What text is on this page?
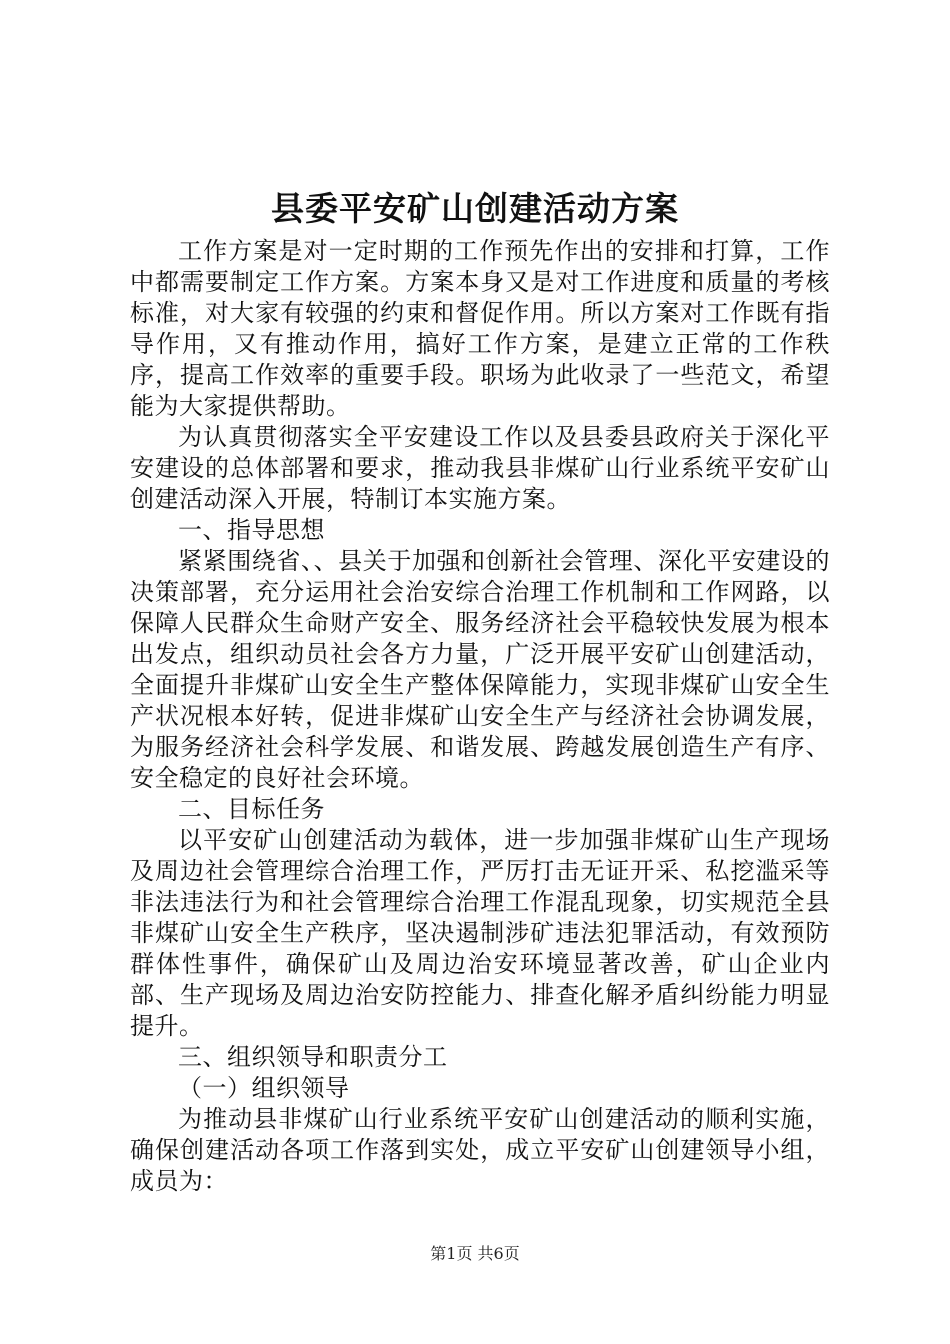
县委平安矿山创建活动方案

工作方案是对一定时期的工作预先作出的安排和打算，工作中都需要制定工作方案。方案本身又是对工作进度和质量的考核标准，对大家有较强的约束和督促作用。所以方案对工作既有指导作用，又有推动作用，搞好工作方案，是建立正常的工作秩序，提高工作效率的重要手段。职场为此收录了一些范文，希望能为大家提供帮助。

为认真贯彻落实全平安建设工作以及县委县政府关于深化平安建设的总体部署和要求，推动我县非煤矿山行业系统平安矿山创建活动深入开展，特制订本实施方案。

一、指导思想

紧紧围绕省、、县关于加强和创新社会管理、深化平安建设的决策部署，充分运用社会治安综合治理工作机制和工作网路，以保障人民群众生命财产安全、服务经济社会平稳较快发展为根本出发点，组织动员社会各方力量，广泛开展平安矿山创建活动，全面提升非煤矿山安全生产整体保障能力，实现非煤矿山安全生产状况根本好转，促进非煤矿山安全生产与经济社会协调发展，为服务经济社会科学发展、和谐发展、跨越发展创造生产有序、安全稳定的良好社会环境。

二、目标任务

以平安矿山创建活动为载体，进一步加强非煤矿山生产现场及周边社会管理综合治理工作，严厉打击无证开采、私挖滥采等非法违法行为和社会管理综合治理工作混乱现象，切实规范全县非煤矿山安全生产秩序，坚决遏制涉矿违法犯罪活动，有效预防群体性事件，确保矿山及周边治安环境显著改善，矿山企业内部、生产现场及周边治安防控能力、排查化解矛盾纠纷能力明显提升。

三、组织领导和职责分工

（一）组织领导

为推动县非煤矿山行业系统平安矿山创建活动的顺利实施，确保创建活动各项工作落到实处，成立平安矿山创建领导小组，成员为：

第1页 共6页
